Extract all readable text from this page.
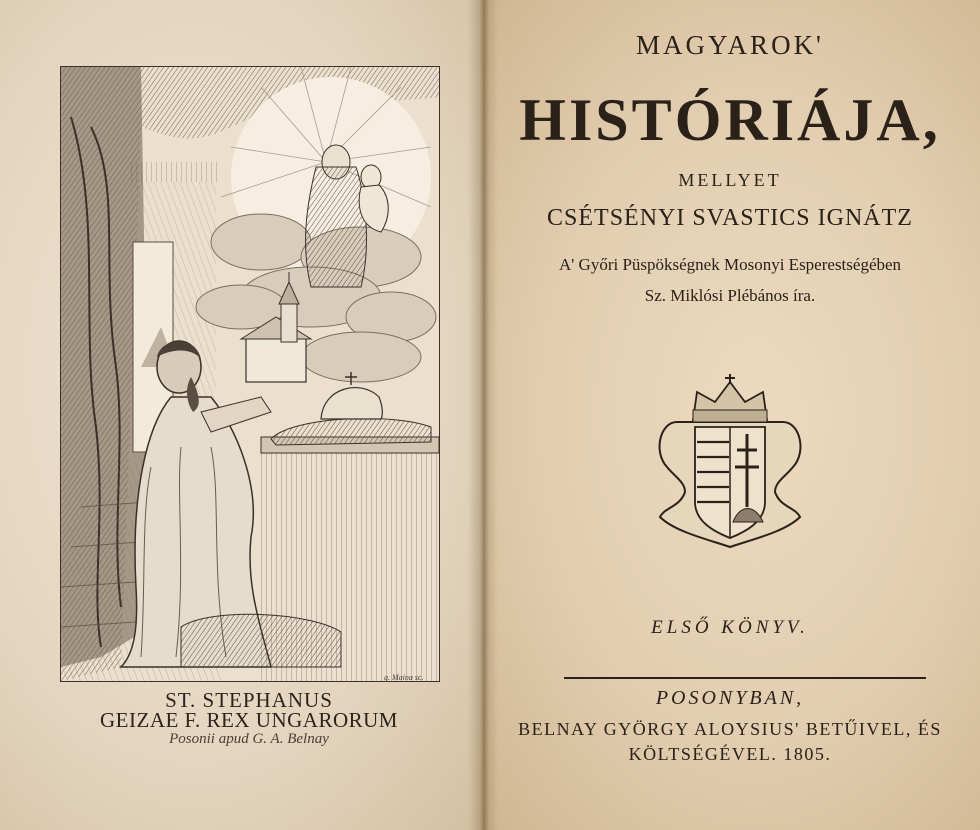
g. Maina sc.
ST. STEPHANUS
GEIZAE F. REX UNGARORUM
Posonii apud G. A. Belnay
MAGYAROK'
HISTÓRIÁJA,
MELLYET
CSÉTSÉNYI SVASTICS IGNÁTZ
A' Győri Püspökségnek Mosonyi Esperestségében
Sz. Miklósi Plébános íra.
ELSŐ KÖNYV.
POSONYBAN,
BELNAY GYÖRGY ALOYSIUS' BETŰIVEL, ÉS
KÖLTSÉGÉVEL. 1805.
